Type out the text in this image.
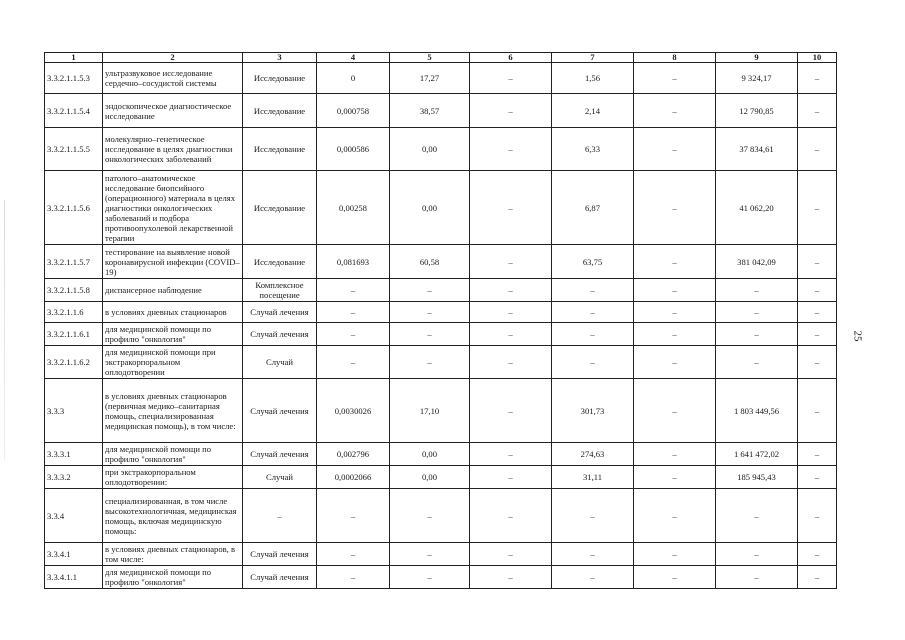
1	2	3	4	5	6	7	8	9	10
3.3.2.1.1.5.3	ультразвуковое исследование сердечно–сосудистой системы	Исследование	0	17,27	–	1,56	–	9 324,17	–
3.3.2.1.1.5.4	эндоскопическое диагностическое исследование	Исследование	0,000758	38,57	–	2,14	–	12 790,85	–
3.3.2.1.1.5.5	молекулярно–генетическое исследование в целях диагностики онкологических заболеваний	Исследование	0,000586	0,00	–	6,33	–	37 834,61	–
3.3.2.1.1.5.6	патолого–анатомическое исследование биопсийного (операционного) материала в целях диагностики онкологических заболеваний и подбора противоопухолевой лекарственной терапии	Исследование	0,00258	0,00	–	6,87	–	41 062,20	–
3.3.2.1.1.5.7	тестирование на выявление новой коронавирусной инфекции (COVID–19)	Исследование	0,081693	60,58	–	63,75	–	381 042,09	–
3.3.2.1.1.5.8	диспансерное наблюдение	Комплексное посещение	–	–	–	–	–	–	–
3.3.2.1.1.6	в условиях дневных стационаров	Случай лечения	–	–	–	–	–	–	–
3.3.2.1.1.6.1	для медицинской помощи по профилю "онкология"	Случай лечения	–	–	–	–	–	–	–
3.3.2.1.1.6.2	для медицинской помощи при экстракорпоральном оплодотворении	Случай	–	–	–	–	–	–	–
3.3.3	в условиях дневных стационаров (первичная медико–санитарная помощь, специализированная медицинская помощь), в том числе:	Случай лечения	0,0030026	17,10	–	301,73	–	1 803 449,56	–
3.3.3.1	для медицинской помощи по профилю "онкология"	Случай лечения	0,002796	0,00	–	274,63	–	1 641 472,02	–
3.3.3.2	при экстракорпоральном оплодотворении:	Случай	0,0002066	0,00	–	31,11	–	185 945,43	–
3.3.4	специализированная, в том числе высокотехнологичная, медицинская помощь, включая медицинскую помощь:	–	–	–	–	–	–	–	–
3.3.4.1	в условиях дневных стационаров, в том числе:	Случай лечения	–	–	–	–	–	–	–
3.3.4.1.1	для медицинской помощи по профилю "онкология"	Случай лечения	–	–	–	–	–	–	–
25
